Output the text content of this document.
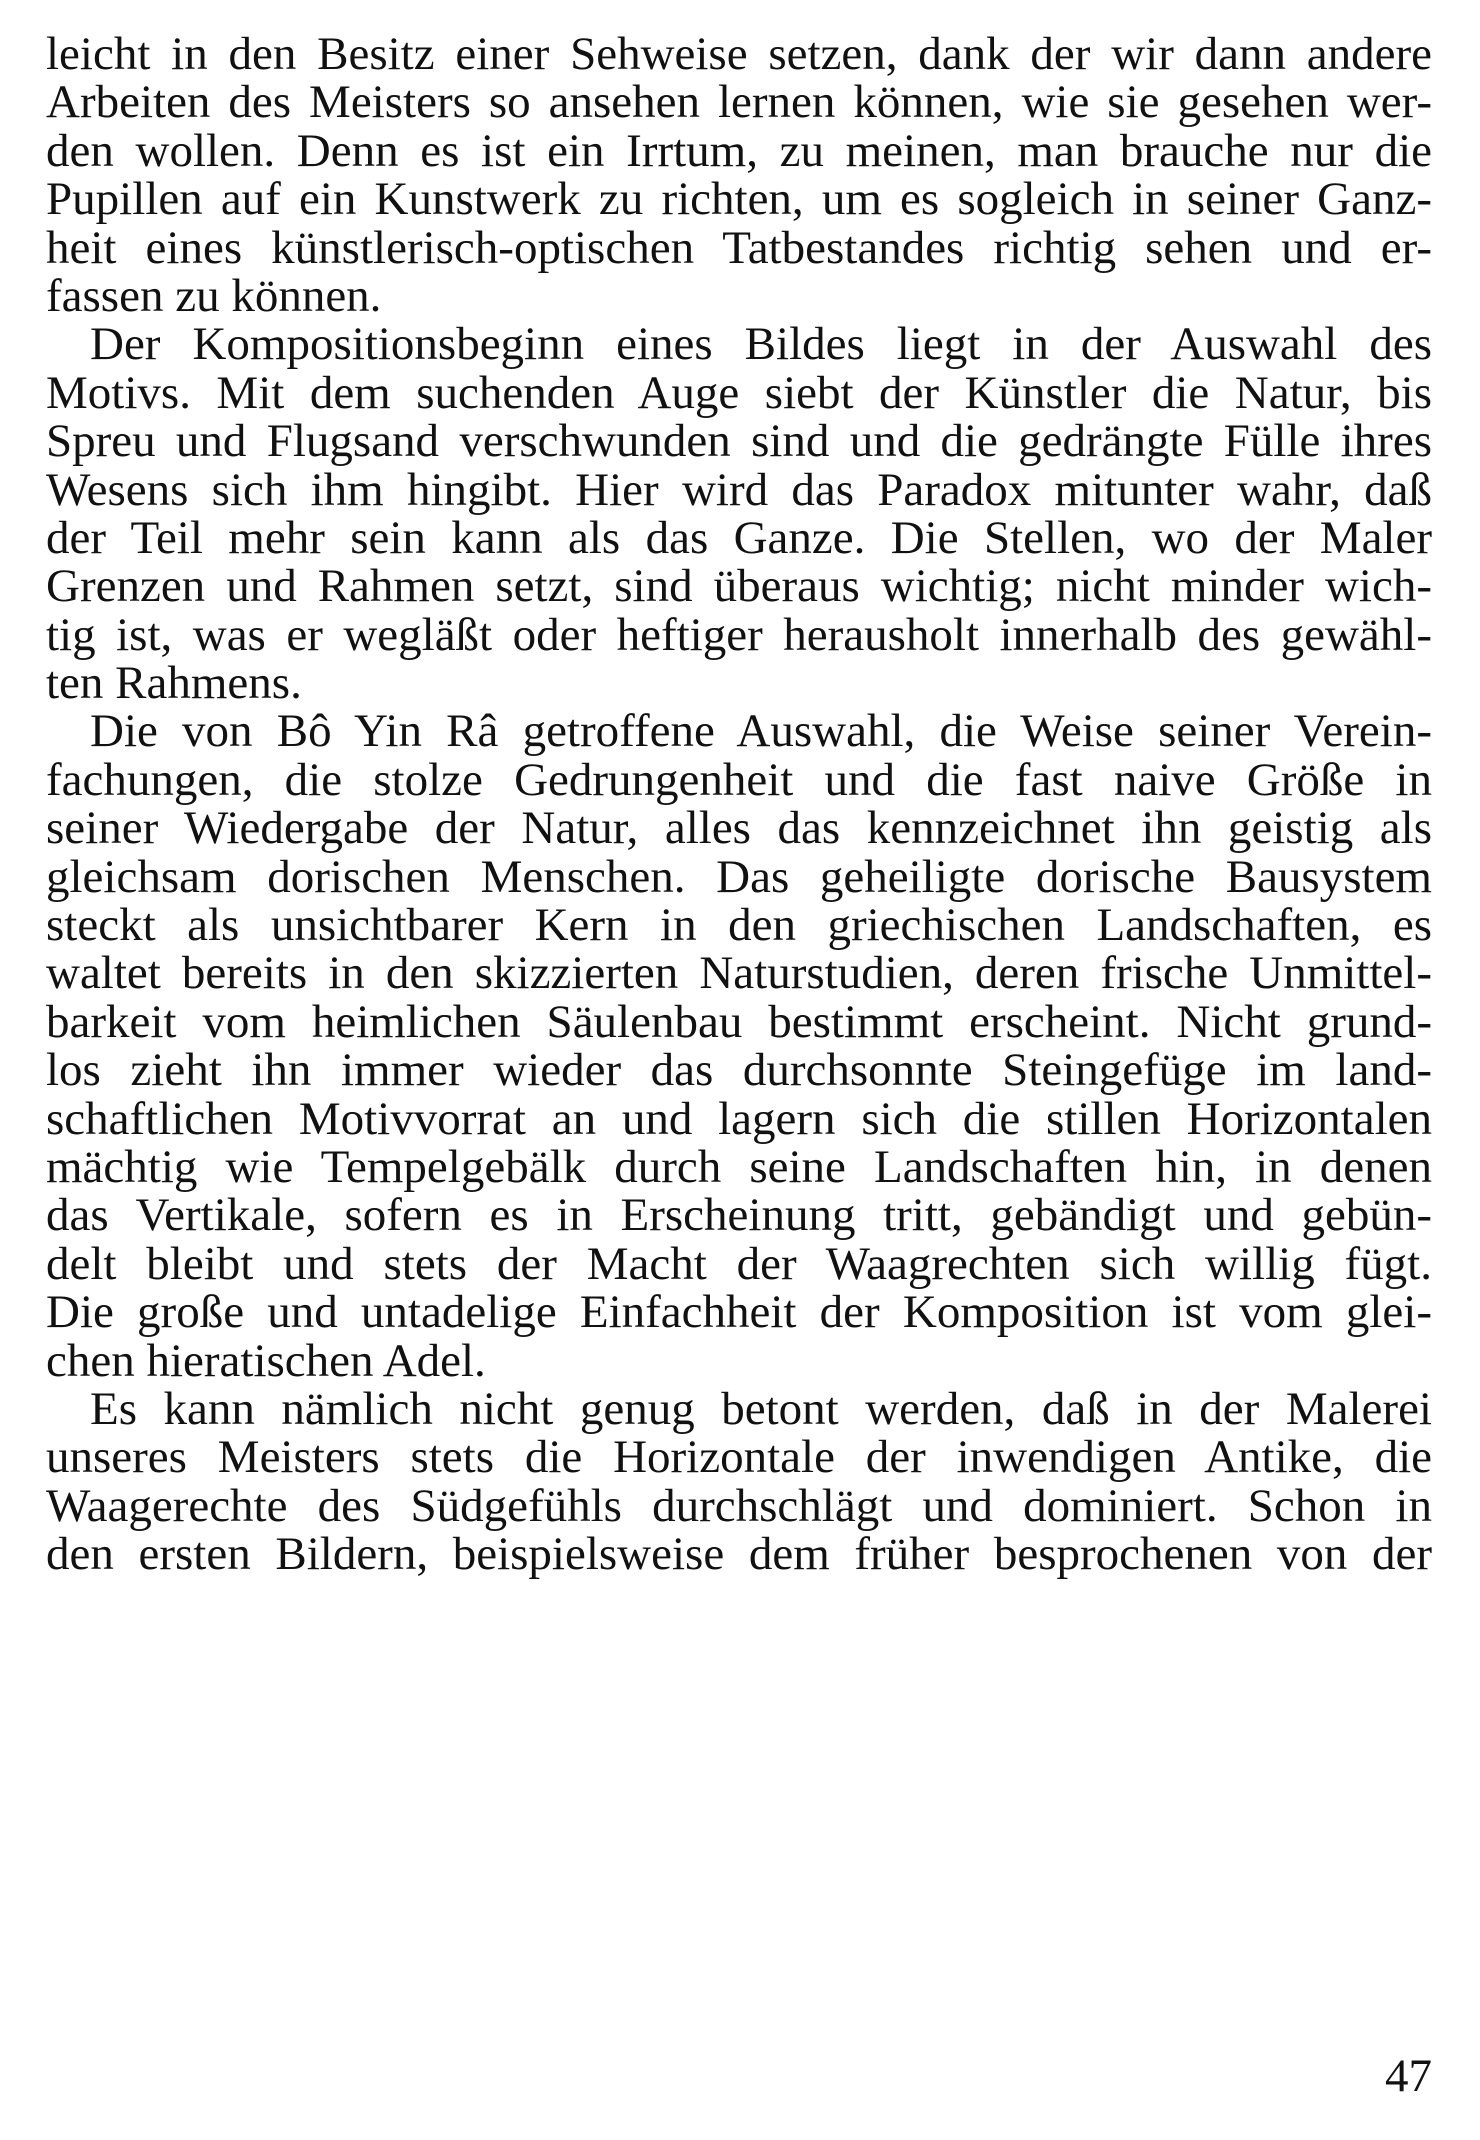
leicht in den Besitz einer Sehweise setzen, dank der wir dann andere
Arbeiten des Meisters so ansehen lernen können, wie sie gesehen wer-
den wollen. Denn es ist ein Irrtum, zu meinen, man brauche nur die
Pupillen auf ein Kunstwerk zu richten, um es sogleich in seiner Ganz-
heit eines künstlerisch-optischen Tatbestandes richtig sehen und er-
fassen zu können.
Der Kompositionsbeginn eines Bildes liegt in der Auswahl des
Motivs. Mit dem suchenden Auge siebt der Künstler die Natur, bis
Spreu und Flugsand verschwunden sind und die gedrängte Fülle ihres
Wesens sich ihm hingibt. Hier wird das Paradox mitunter wahr, daß
der Teil mehr sein kann als das Ganze. Die Stellen, wo der Maler
Grenzen und Rahmen setzt, sind überaus wichtig; nicht minder wich-
tig ist, was er wegläßt oder heftiger herausholt innerhalb des gewähl-
ten Rahmens.
Die von Bô Yin Râ getroffene Auswahl, die Weise seiner Verein-
fachungen, die stolze Gedrungenheit und die fast naive Größe in
seiner Wiedergabe der Natur, alles das kennzeichnet ihn geistig als
gleichsam dorischen Menschen. Das geheiligte dorische Bausystem
steckt als unsichtbarer Kern in den griechischen Landschaften, es
waltet bereits in den skizzierten Naturstudien, deren frische Unmittel-
barkeit vom heimlichen Säulenbau bestimmt erscheint. Nicht grund-
los zieht ihn immer wieder das durchsonnte Steingefüge im land-
schaftlichen Motivvorrat an und lagern sich die stillen Horizontalen
mächtig wie Tempelgebälk durch seine Landschaften hin, in denen
das Vertikale, sofern es in Erscheinung tritt, gebändigt und gebün-
delt bleibt und stets der Macht der Waagrechten sich willig fügt.
Die große und untadelige Einfachheit der Komposition ist vom glei-
chen hieratischen Adel.
Es kann nämlich nicht genug betont werden, daß in der Malerei
unseres Meisters stets die Horizontale der inwendigen Antike, die
Waagerechte des Südgefühls durchschlägt und dominiert. Schon in
den ersten Bildern, beispielsweise dem früher besprochenen von der
47
